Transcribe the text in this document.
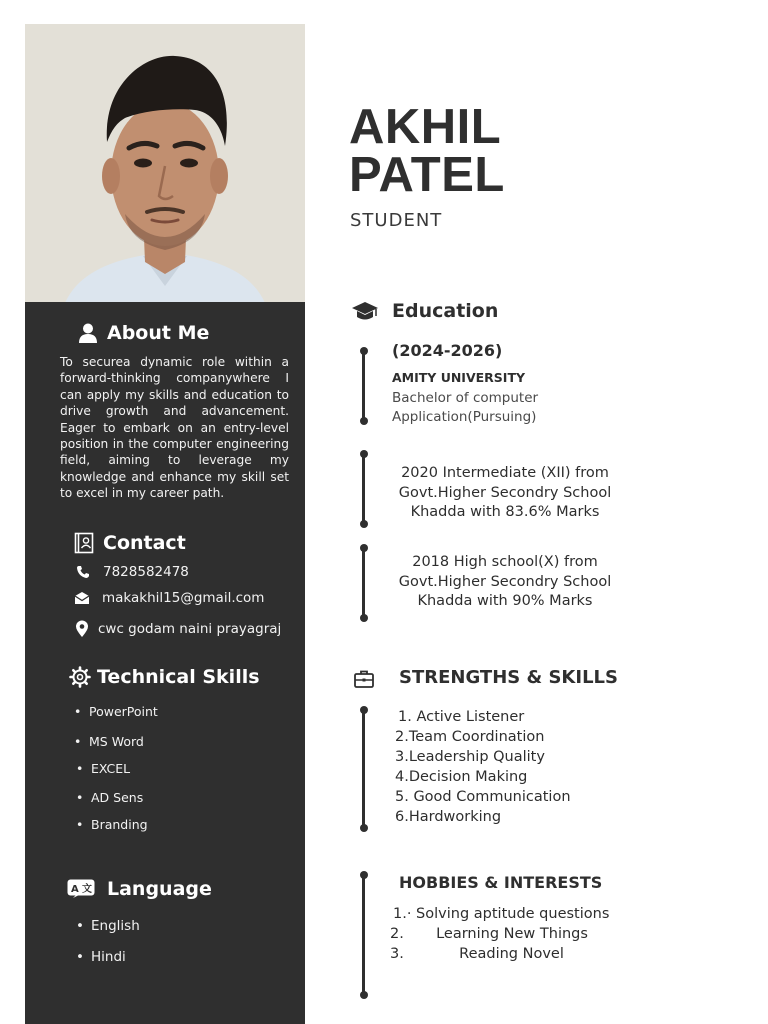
About Me
To securea dynamic role within a forward-thinking companywhere I can apply my skills and education to drive growth and advancement. Eager to embark on an entry-level position in the computer engineering field, aiming to leverage my knowledge and enhance my skill set to excel in my career path.
Contact
7828582478
makakhil15@gmail.com
cwc godam naini prayagraj
Technical Skills
• PowerPoint
• MS Word
• EXCEL
• AD Sens
• Branding
A 文 Language
• English
• Hindi
AKHIL
PATEL
STUDENT
Education
(2024-2026)
AMITY UNIVERSITY
Bachelor of computer Application(Pursuing)
2020 Intermediate (XII) from Govt.Higher Secondry School Khadda with 83.6% Marks
2018 High school(X) from Govt.Higher Secondry School Khadda with 90% Marks
STRENGTHS & SKILLS
1. Active Listener
2.Team Coordination
3.Leadership Quality
4.Decision Making
5. Good Communication
6.Hardworking
HOBBIES & INTERESTS
1.· Solving aptitude questions
2.       Learning New Things
3.            Reading Novel
